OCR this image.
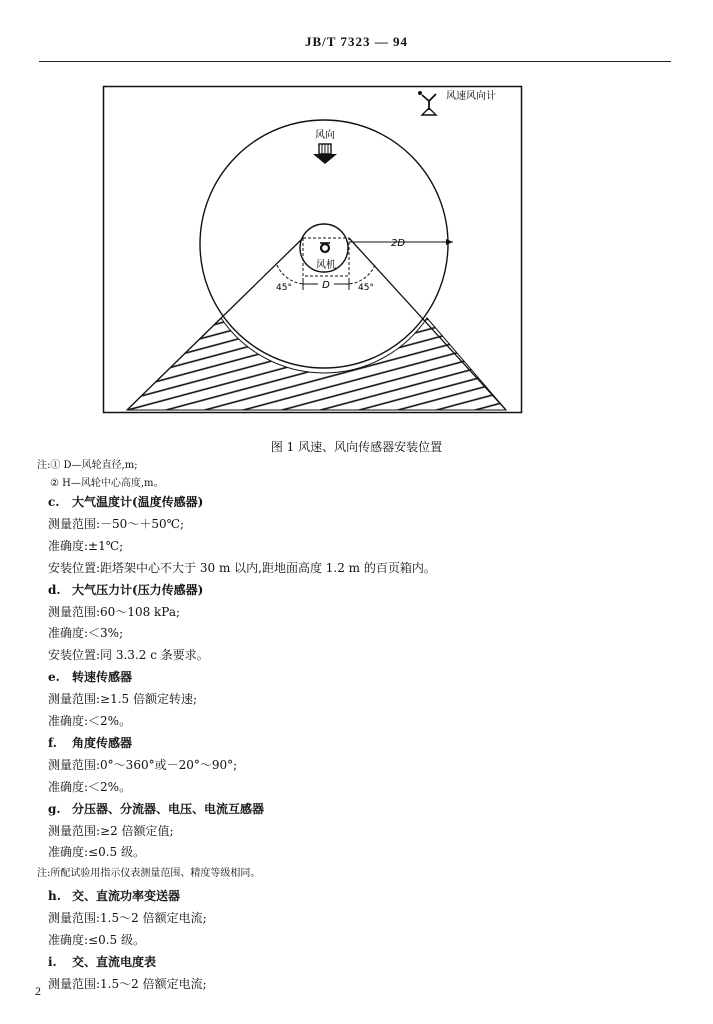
JB/T 7323 — 94
风机
2D
D
45°	45°
风向
风速风向计
图 1 风速、风向传感器安装位置
注:① D—风轮直径,m;
② H—风轮中心高度,m。
c. 大气温度计(温度传感器)
测量范围:－50～＋50℃;
准确度:±1℃;
安装位置:距塔架中心不大于 30 m 以内,距地面高度 1.2 m 的百页箱内。
d. 大气压力计(压力传感器)
测量范围:60～108 kPa;
准确度:＜3%;
安装位置:同 3.3.2 c 条要求。
e. 转速传感器
测量范围:≥1.5 倍额定转速;
准确度:＜2%。
f. 角度传感器
测量范围:0°～360°或－20°～90°;
准确度:＜2%。
g. 分压器、分流器、电压、电流互感器
测量范围:≥2 倍额定值;
准确度:≤0.5 级。
注:所配试验用指示仪表测量范围、精度等级相同。
h. 交、直流功率变送器
测量范围:1.5～2 倍额定电流;
准确度:≤0.5 级。
i. 交、直流电度表
测量范围:1.5～2 倍额定电流;
2
